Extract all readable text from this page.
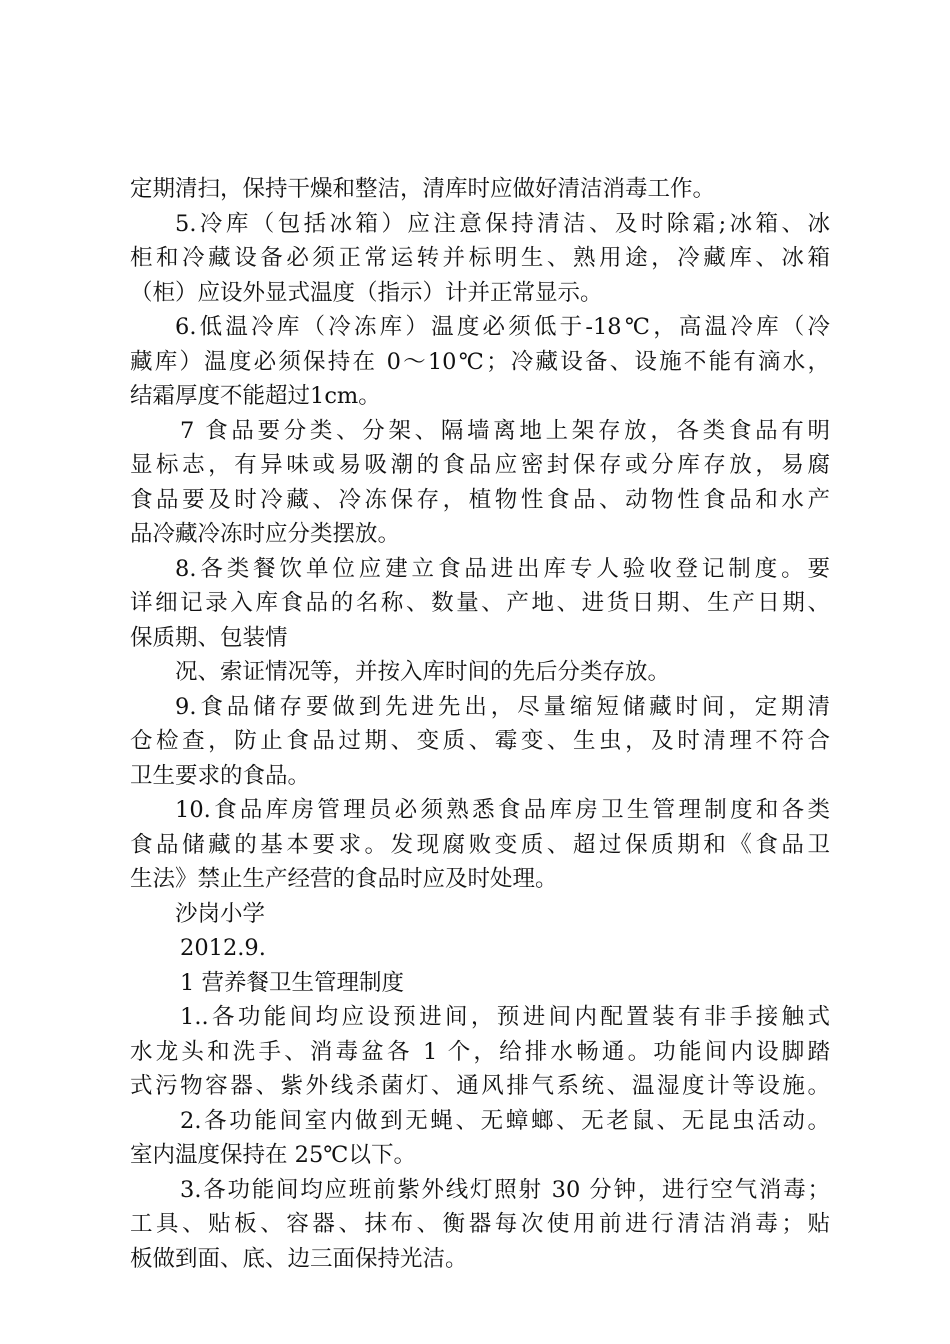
定期清扫，保持干燥和整洁，清库时应做好清洁消毒工作。
5.冷库（包括冰箱）应注意保持清洁、及时除霜;冰箱、冰
柜和冷藏设备必须正常运转并标明生、熟用途，冷藏库、冰箱
（柜）应设外显式温度（指示）计并正常显示。
6.低温冷库（冷冻库）温度必须低于-18℃，高温冷库（冷
藏库）温度必须保持在 0～10℃；冷藏设备、设施不能有滴水，
结霜厚度不能超过1cm。
7 食品要分类、分架、隔墙离地上架存放，各类食品有明
显标志，有异味或易吸潮的食品应密封保存或分库存放，易腐
食品要及时冷藏、冷冻保存，植物性食品、动物性食品和水产
品冷藏冷冻时应分类摆放。
8.各类餐饮单位应建立食品进出库专人验收登记制度。要
详细记录入库食品的名称、数量、产地、进货日期、生产日期、
保质期、包装情
况、索证情况等，并按入库时间的先后分类存放。
9.食品储存要做到先进先出，尽量缩短储藏时间，定期清
仓检查，防止食品过期、变质、霉变、生虫，及时清理不符合
卫生要求的食品。
10.食品库房管理员必须熟悉食品库房卫生管理制度和各类
食品储藏的基本要求。发现腐败变质、超过保质期和《食品卫
生法》禁止生产经营的食品时应及时处理。
沙岗小学
2012.9.
1 营养餐卫生管理制度
1..各功能间均应设预进间，预进间内配置装有非手接触式
水龙头和洗手、消毒盆各 1 个，给排水畅通。功能间内设脚踏
式污物容器、紫外线杀菌灯、通风排气系统、温湿度计等设施。
2.各功能间室内做到无蝇、无蟑螂、无老鼠、无昆虫活动。
室内温度保持在 25℃以下。
3.各功能间均应班前紫外线灯照射 30 分钟，进行空气消毒；
工具、贴板、容器、抹布、衡器每次使用前进行清洁消毒；贴
板做到面、底、边三面保持光洁。
